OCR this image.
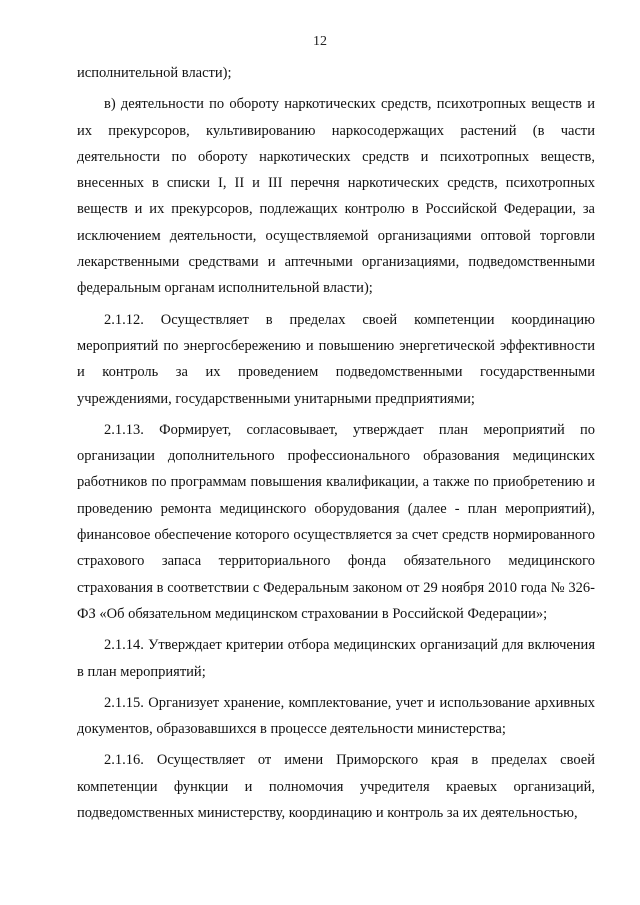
12

исполнительной власти);

в) деятельности по обороту наркотических средств, психотропных веществ и их прекурсоров, культивированию наркосодержащих растений (в части деятельности по обороту наркотических средств и психотропных веществ, внесенных в списки I, II и III перечня наркотических средств, психотропных веществ и их прекурсоров, подлежащих контролю в Российской Федерации, за исключением деятельности, осуществляемой организациями оптовой торговли лекарственными средствами и аптечными организациями, подведомственными федеральным органам исполнительной власти);

2.1.12. Осуществляет в пределах своей компетенции координацию мероприятий по энергосбережению и повышению энергетической эффективности и контроль за их проведением подведомственными государственными учреждениями, государственными унитарными предприятиями;

2.1.13. Формирует, согласовывает, утверждает план мероприятий по организации дополнительного профессионального образования медицинских работников по программам повышения квалификации, а также по приобретению и проведению ремонта медицинского оборудования (далее - план мероприятий), финансовое обеспечение которого осуществляется за счет средств нормированного страхового запаса территориального фонда обязательного медицинского страхования в соответствии с Федеральным законом от 29 ноября 2010 года № 326-ФЗ «Об обязательном медицинском страховании в Российской Федерации»;

2.1.14. Утверждает критерии отбора медицинских организаций для включения в план мероприятий;

2.1.15. Организует хранение, комплектование, учет и использование архивных документов, образовавшихся в процессе деятельности министерства;

2.1.16. Осуществляет от имени Приморского края в пределах своей компетенции функции и полномочия учредителя краевых организаций, подведомственных министерству, координацию и контроль за их деятельностью,
